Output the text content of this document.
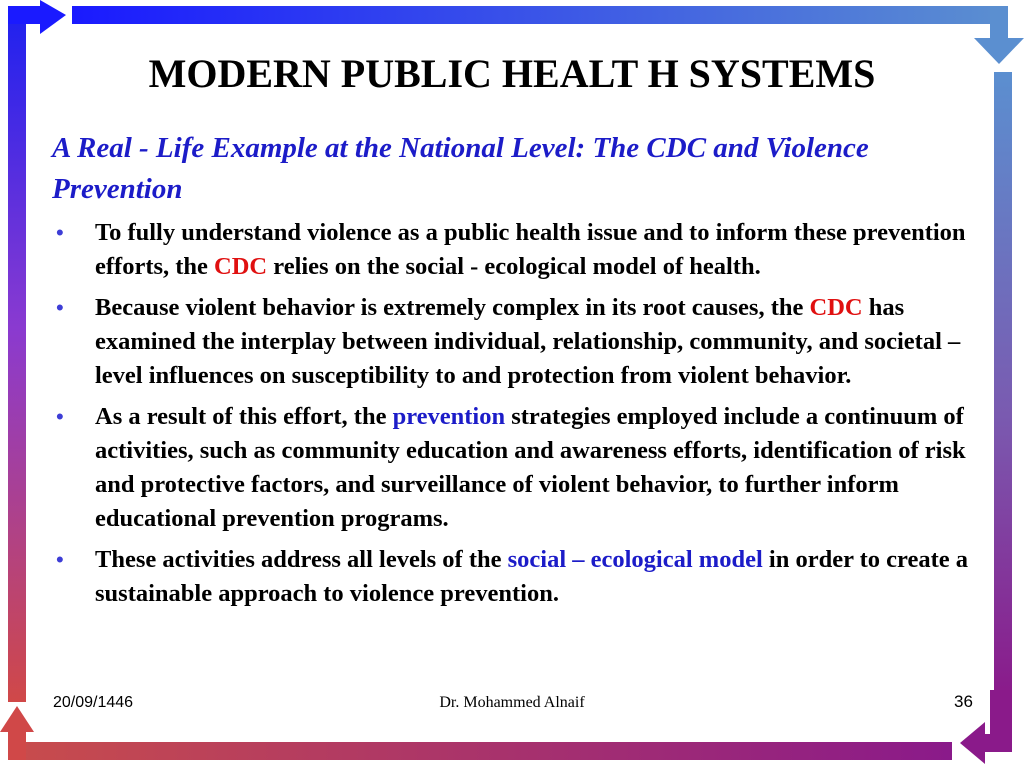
MODERN PUBLIC HEALT H SYSTEMS
A Real - Life Example at the National Level: The CDC and Violence Prevention
• To fully understand violence as a public health issue and to inform these prevention efforts, the CDC relies on the social - ecological model of health.
• Because violent behavior is extremely complex in its root causes, the CDC has examined the interplay between individual, relationship, community, and societal – level influences on susceptibility to and protection from violent behavior.
• As a result of this effort, the prevention strategies employed include a continuum of activities, such as community education and awareness efforts, identification of risk and protective factors, and surveillance of violent behavior, to further inform educational prevention programs.
• These activities address all levels of the social – ecological model in order to create a sustainable approach to violence prevention.
20/09/1446	Dr. Mohammed Alnaif	36
